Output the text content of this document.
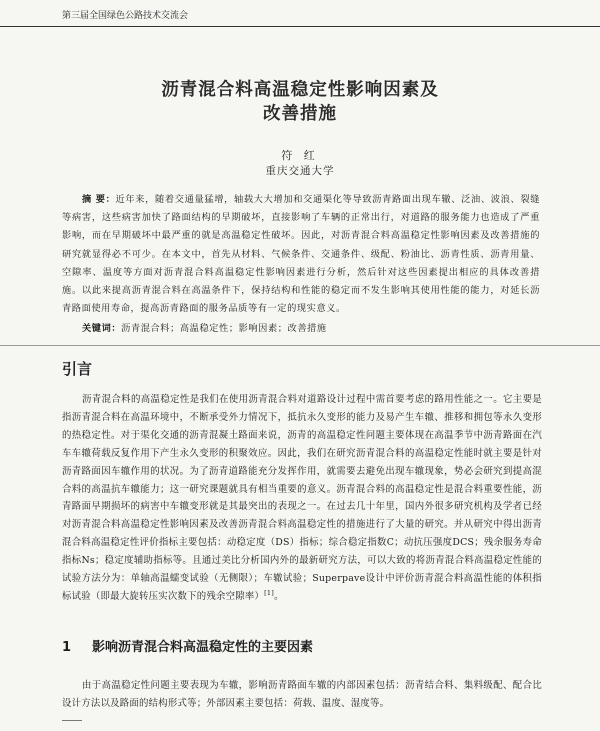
第三届全国绿色公路技术交流会
沥青混合料高温稳定性影响因素及
改善措施
符 红
重庆交通大学
摘 要：近年来，随着交通量猛增，轴载大大增加和交通渠化等导致沥青路面出现车辙、泛油、波浪、裂缝等病害，这些病害加快了路面结构的早期破坏，直接影响了车辆的正常出行，对道路的服务能力也造成了严重影响，而在早期破坏中最严重的就是高温稳定性破坏。因此，对沥青混合料高温稳定性影响因素及改善措施的研究就显得必不可少。在本文中，首先从材料、气候条件、交通条件、级配、粉油比、沥青性质、沥青用量、空隙率、温度等方面对沥青混合料高温稳定性影响因素进行分析，然后针对这些因素提出相应的具体改善措施。以此来提高沥青混合料在高温条件下，保持结构和性能的稳定而不发生影响其使用性能的能力，对延长沥青路面使用寿命，提高沥青路面的服务品质等有一定的现实意义。
关键词：沥青混合料；高温稳定性；影响因素；改善措施
引言
沥青混合料的高温稳定性是我们在使用沥青混合料对道路设计过程中需首要考虑的路用性能之一。它主要是指沥青混合料在高温环境中，不断承受外力情况下，抵抗永久变形的能力及易产生车辙、推移和拥包等永久变形的热稳定性。对于渠化交通的沥青混凝土路面来说，沥青的高温稳定性问题主要体现在高温季节中沥青路面在汽车车辙荷载反复作用下产生永久变形的积聚效应。因此，我们在研究沥青混合料的高温稳定性能时就主要是针对沥青路面因车辙作用的状况。为了沥青道路能充分发挥作用，就需要去避免出现车辙现象，势必会研究到提高混合料的高温抗车辙能力；这一研究课题就具有相当重要的意义。沥青混合料的高温稳定性是混合料重要性能，沥青路面早期损坏的病害中车辙变形就是其最突出的表现之一。在过去几十年里，国内外很多研究机构及学者已经对沥青混合料高温稳定性影响因素及改善沥青混合料高温稳定性的措施进行了大量的研究。并从研究中得出沥青混合料高温稳定性评价指标主要包括：动稳定度（DS）指标；综合稳定指数C；动抗压强度DCS；残余服务寿命指标Ns；稳定度辅助指标等。且通过美比分析国内外的最新研究方法，可以大致的将沥青混合料高温稳定性能的试验方法分为：单轴高温蠕变试验（无侧限）；车辙试验；Superpave设计中评价沥青混合料高温性能的体积指标试验（即最大旋转压实次数下的残余空隙率）[1]。
1 影响沥青混合料高温稳定性的主要因素
由于高温稳定性问题主要表现为车辙，影响沥青路面车辙的内部因素包括：沥青结合料、集料级配、配合比设计方法以及路面的结构形式等；外部因素主要包括：荷载、温度、湿度等。
